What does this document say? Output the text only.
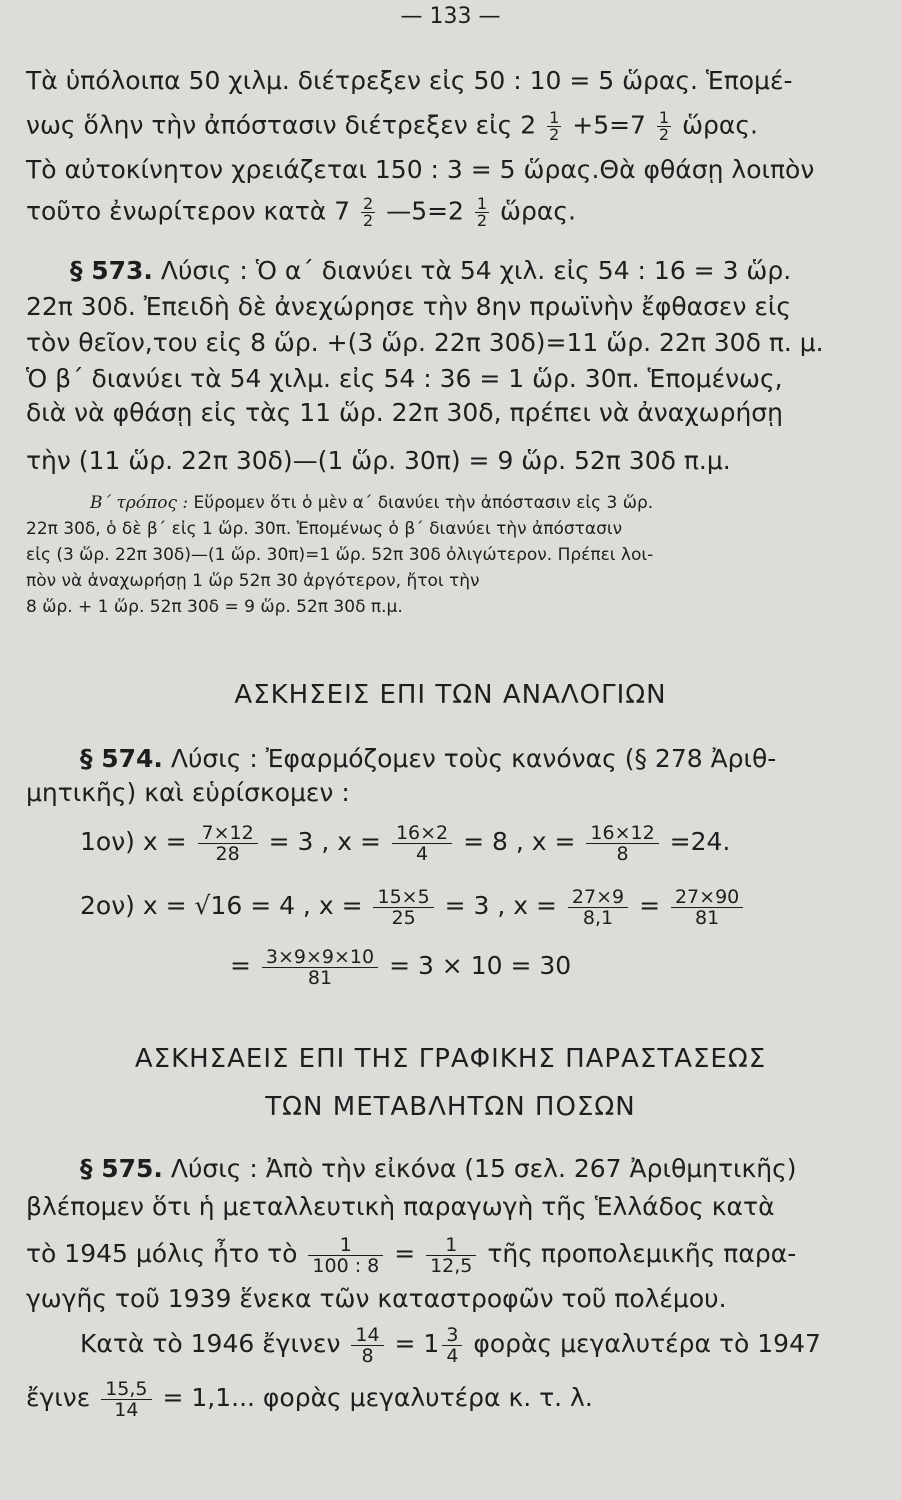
— 133 —
Τὰ ὑπόλοιπα 50 χιλμ. διέτρεξεν εἰς 50 : 10 = 5 ὥρας. Ἑπομέ-
νως ὅλην τὴν ἀπόστασιν διέτρεξεν εἰς $2 \frac{1}{2} +5=7 \frac{1}{2}$ ὥρας.
Τὸ αὐτοκίνητον χρειάζεται 150 : 3 = 5 ὥρας.Θὰ φθάσῃ λοιπὸν
τοῦτο ἐνωρίτερον κατὰ $7 \frac{2}{2}$ —5=2 $\frac{1}{2}$ ὥρας.
§ 573. Λύσις : Ὁ α΄ διανύει τὰ 54 χιλ. εἰς 54 : 16 = 3 ὥρ.
22π 30δ. Ἐπειδὴ δὲ ἀνεχώρησε τὴν 8ην πρωϊνὴν ἔφθασεν εἰς
τὸν θεῖον,του εἰς 8 ὥρ. +(3 ὥρ. 22π 30δ)=11 ὥρ. 22π 30δ π. μ.
Ὁ β΄ διανύει τὰ 54 χιλμ. εἰς 54 : 36 = 1 ὥρ. 30π. Ἑπομένως,
διὰ νὰ φθάσῃ εἰς τὰς 11 ὥρ. 22π 30δ, πρέπει νὰ ἀναχωρήσῃ
τὴν (11 ὥρ. 22π 30δ)—(1 ὥρ. 30π) = 9 ὥρ. 52π 30δ π.μ.
Β΄ τρόπος : Εὕρομεν ὅτι ὁ μὲν α΄ διανύει τὴν ἀπόστασιν εἰς 3 ὥρ.
22π 30δ, ὁ δὲ β΄ εἰς 1 ὥρ. 30π. Ἑπομένως ὁ β΄ διανύει τὴν ἀπόστασιν
εἰς (3 ὥρ. 22π 30δ)—(1 ὥρ. 30π)=1 ὥρ. 52π 30δ ὀλιγώτερον. Πρέπει λοι-
πὸν νὰ ἀναχωρήσῃ 1 ὥρ 52π 30 ἀργότερον, ἤτοι τὴν
8 ὥρ. + 1 ὥρ. 52π 30δ = 9 ὥρ. 52π 30δ π.μ.
ΑΣΚΗΣΕΙΣ ΕΠΙ ΤΩΝ ΑΝΑΛΟΓΙΩΝ
§ 574. Λύσις : Ἐφαρμόζομεν τοὺς κανόνας (§ 278 Ἀριθ-
μητικῆς) καὶ εὑρίσκομεν :
1ον) $x = \frac{7\times 12}{28} = 3$ , $x = \frac{16\times 2}{4} = 8$ , $x = \frac{16\times 12}{8} =24$.
2ον) x = √16 = 4 , $x = \frac{15\times 5}{25} = 3$ , $x = \frac{27\times 9}{8,1} = \frac{27\times 90}{81}$
= $\frac{3\times 9\times 9\times 10}{81} = 3 \times 10 = 30$
ΑΣΚΗΣΑΕΙΣ ΕΠΙ ΤΗΣ ΓΡΑΦΙΚΗΣ ΠΑΡΑΣΤΑΣΕΩΣ
ΤΩΝ ΜΕΤΑΒΛΗΤΩΝ ΠΟΣΩΝ
§ 575. Λύσις : Ἀπὸ τὴν εἰκόνα (15 σελ. 267 Ἀριθμητικῆς)
βλέπομεν ὅτι ἡ μεταλλευτικὴ παραγωγὴ τῆς Ἑλλάδος κατὰ
τὸ 1945 μόλις ἦτο τὸ $\frac{1}{100 : 8} = \frac{1}{12,5}$ τῆς προπολεμικῆς παρα-
γωγῆς τοῦ 1939 ἕνεκα τῶν καταστροφῶν τοῦ πολέμου.
Κατὰ τὸ 1946 ἔγινεν $\frac{14}{8} = 1 \frac{3}{4}$ φορὰς μεγαλυτέρα τὸ 1947
ἔγινε $\frac{15,5}{14} = 1,1$... φορὰς μεγαλυτέρα κ. τ. λ.
